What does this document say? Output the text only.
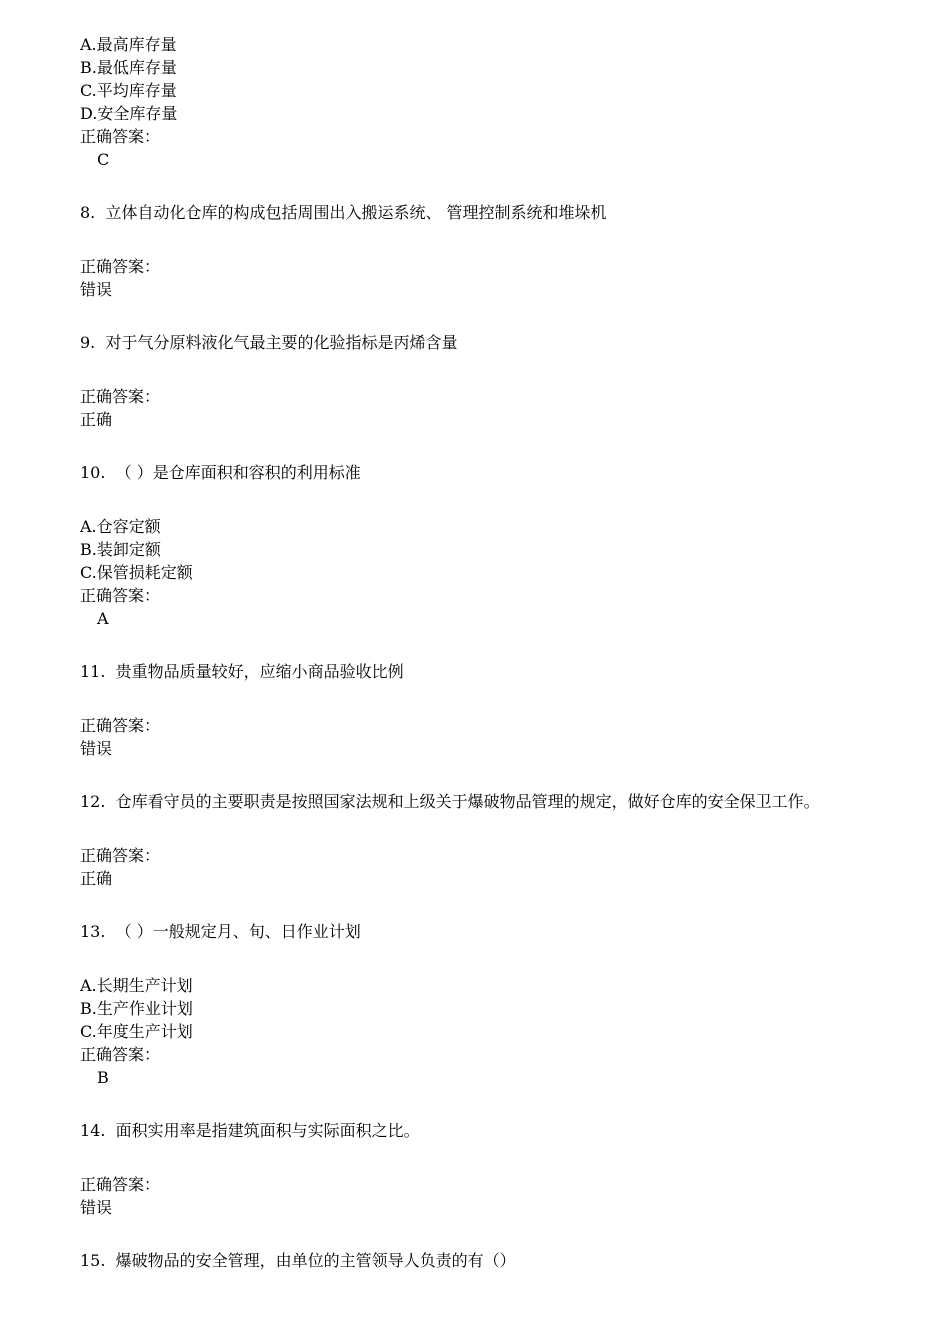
A.最高库存量
B.最低库存量
C.平均库存量
D.安全库存量
正确答案：
C
8. 立体自动化仓库的构成包括周围出入搬运系统、 管理控制系统和堆垛机
正确答案：
错误
9. 对于气分原料液化气最主要的化验指标是丙烯含量
正确答案：
正确
10. （ ）是仓库面积和容积的利用标准
A.仓容定额
B.装卸定额
C.保管损耗定额
正确答案：
A
11. 贵重物品质量较好，应缩小商品验收比例
正确答案：
错误
12. 仓库看守员的主要职责是按照国家法规和上级关于爆破物品管理的规定，做好仓库的安全保卫工作。
正确答案：
正确
13. （ ）一般规定月、旬、日作业计划
A.长期生产计划
B.生产作业计划
C.年度生产计划
正确答案：
B
14. 面积实用率是指建筑面积与实际面积之比。
正确答案：
错误
15. 爆破物品的安全管理，由单位的主管领导人负责的有（）
